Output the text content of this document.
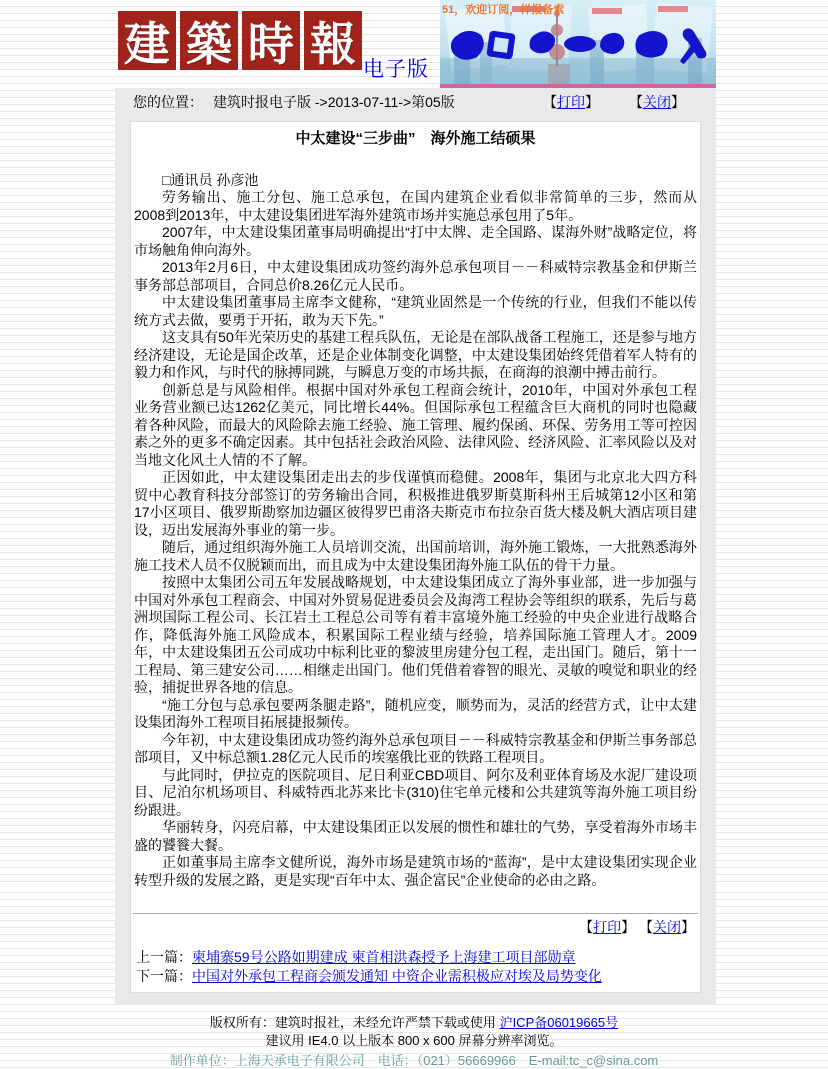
建 築 時 報 电子版
51，欢迎订阅，样报备索
您的位置： 建筑时报电子版 ->2013-07-11->第05版	【打印】 【关闭】
中太建设“三步曲”　海外施工结硕果

□通讯员 孙彦池

劳务输出、施工分包、施工总承包，在国内建筑企业看似非常简单的三步，然而从2008到2013年，中太建设集团进军海外建筑市场并实施总承包用了5年。

2007年，中太建设集团董事局明确提出“打中太牌、走全国路、谋海外财”战略定位，将市场触角伸向海外。

2013年2月6日，中太建设集团成功签约海外总承包项目－－科威特宗教基金和伊斯兰事务部总部项目，合同总价8.26亿元人民币。

中太建设集团董事局主席李文健称，“建筑业固然是一个传统的行业，但我们不能以传统方式去做，要勇于开拓，敢为天下先。”

这支具有50年光荣历史的基建工程兵队伍，无论是在部队战备工程施工，还是参与地方经济建设，无论是国企改革，还是企业体制变化调整，中太建设集团始终凭借着军人特有的毅力和作风，与时代的脉搏同跳，与瞬息万变的市场共振，在商海的浪潮中搏击前行。

创新总是与风险相伴。根据中国对外承包工程商会统计，2010年，中国对外承包工程业务营业额已达1262亿美元，同比增长44%。但国际承包工程蕴含巨大商机的同时也隐藏着各种风险，而最大的风险除去施工经验、施工管理、履约保函、环保、劳务用工等可控因素之外的更多不确定因素。其中包括社会政治风险、法律风险、经济风险、汇率风险以及对当地文化风土人情的不了解。

正因如此，中太建设集团走出去的步伐谨慎而稳健。2008年，集团与北京北大四方科贸中心教育科技分部签订的劳务输出合同，积极推进俄罗斯莫斯科州王后城第12小区和第17小区项目、俄罗斯勘察加边疆区彼得罗巴甫洛夫斯克市布拉杂百货大楼及帆大酒店项目建设，迈出发展海外事业的第一步。

随后，通过组织海外施工人员培训交流，出国前培训，海外施工锻炼，一大批熟悉海外施工技术人员不仅脱颖而出，而且成为中太建设集团海外施工队伍的骨干力量。

按照中太集团公司五年发展战略规划，中太建设集团成立了海外事业部，进一步加强与中国对外承包工程商会、中国对外贸易促进委员会及海湾工程协会等组织的联系，先后与葛洲坝国际工程公司、长江岩土工程总公司等有着丰富境外施工经验的中央企业进行战略合作，降低海外施工风险成本，积累国际工程业绩与经验，培养国际施工管理人才。2009年，中太建设集团五公司成功中标利比亚的黎波里房建分包工程，走出国门。随后，第十一工程局、第三建安公司……相继走出国门。他们凭借着睿智的眼光、灵敏的嗅觉和职业的经验，捕捉世界各地的信息。

“施工分包与总承包要两条腿走路”，随机应变，顺势而为，灵活的经营方式，让中太建设集团海外工程项目拓展捷报频传。

今年初，中太建设集团成功签约海外总承包项目－－科威特宗教基金和伊斯兰事务部总部项目，又中标总额1.28亿元人民币的埃塞俄比亚的铁路工程项目。

与此同时，伊拉克的医院项目、尼日利亚CBD项目、阿尔及利亚体育场及水泥厂建设项目、尼泊尔机场项目、科威特西北苏来比卡(310)住宅单元楼和公共建筑等海外施工项目纷纷跟进。

华丽转身，闪亮启幕，中太建设集团正以发展的惯性和雄壮的气势，享受着海外市场丰盛的饕餮大餐。

正如董事局主席李文健所说，海外市场是建筑市场的“蓝海”，是中太建设集团实现企业转型升级的发展之路，更是实现“百年中太、强企富民”企业使命的必由之路。

【打印】 【关闭】
上一篇：柬埔寨59号公路如期建成 柬首相洪森授予上海建工项目部勋章
下一篇：中国对外承包工程商会颁发通知 中资企业需积极应对埃及局势变化
版权所有：建筑时报社，未经允许严禁下载或使用 沪ICP备06019665号
建议用 IE4.0 以上版本 800 x 600 屏幕分辨率浏览。
制作单位：上海天承电子有限公司　电话：（021）56669966　E-mail:tc_c@sina.com
